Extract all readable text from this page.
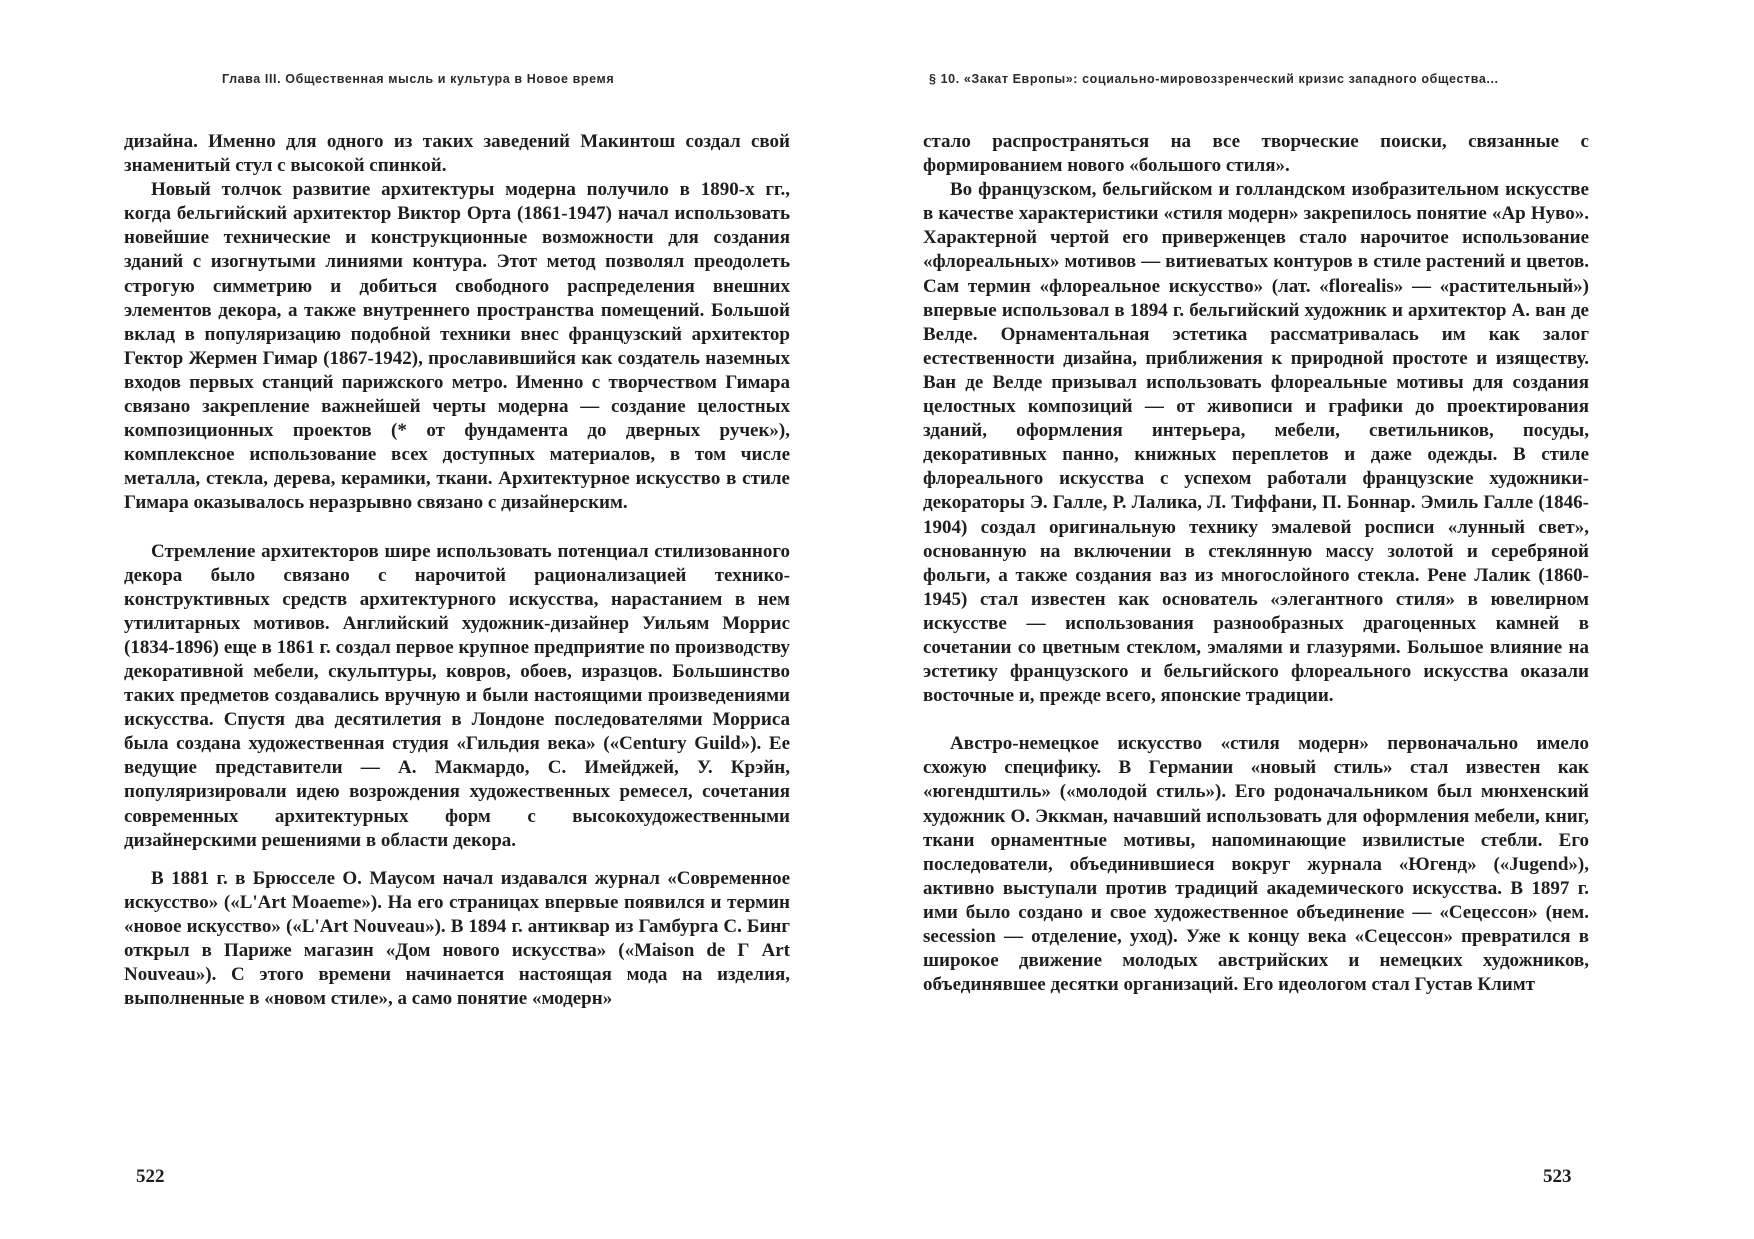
Глава III. Общественная мысль и культура в Новое время

дизайна. Именно для одного из таких заведений Макинтош создал свой знаменитый стул с высокой спинкой.

Новый толчок развитие архитектуры модерна получило в 1890-х гг., когда бельгийский архитектор Виктор Орта (1861-1947) начал использовать новейшие технические и конструкционные возможности для создания зданий с изогнутыми линиями контура. Этот метод позволял преодолеть строгую симметрию и добиться свободного распределения внешних элементов декора, а также внутреннего пространства помещений. Большой вклад в популяризацию подобной техники внес французский архитектор Гектор Жермен Гимар (1867-1942), прославившийся как создатель наземных входов первых станций парижского метро. Именно с творчеством Гимара связано закрепление важнейшей черты модерна — создание целостных композиционных проектов (* от фундамента до дверных ручек»), комплексное использование всех доступных материалов, в том числе металла, стекла, дерева, керамики, ткани. Архитектурное искусство в стиле Гимара оказывалось неразрывно связано с дизайнерским.

Стремление архитекторов шире использовать потенциал стилизованного декора было связано с нарочитой рационализацией технико-конструктивных средств архитектурного искусства, нарастанием в нем утилитарных мотивов. Английский художник-дизайнер Уильям Моррис (1834-1896) еще в 1861 г. создал первое крупное предприятие по производству декоративной мебели, скульптуры, ковров, обоев, изразцов. Большинство таких предметов создавались вручную и были настоящими произведениями искусства. Спустя два десятилетия в Лондоне последователями Морриса была создана художественная студия «Гильдия века» («Century Guild»). Ее ведущие представители — А. Макмардо, С. Имейджей, У. Крэйн, популяризировали идею возрождения художественных ремесел, сочетания современных архитектурных форм с высокохудожественными дизайнерскими решениями в области декора.

В 1881 г. в Брюсселе О. Маусом начал издавался журнал «Современное искусство» («L'Art Moaeme»). На его страницах впервые появился и термин «новое искусство» («L'Art Nouveau»). В 1894 г. антиквар из Гамбурга С. Бинг открыл в Париже магазин «Дом нового искусства» («Maison de Г Art Nouveau»). С этого времени начинается настоящая мода на изделия, выполненные в «новом стиле», а само понятие «модерн»

522
§ 10. «Закат Европы»: социально-мировоззренческий кризис западного общества...

стало распространяться на все творческие поиски, связанные с формированием нового «большого стиля».

Во французском, бельгийском и голландском изобразительном искусстве в качестве характеристики «стиля модерн» закрепилось понятие «Ар Нуво». Характерной чертой его приверженцев стало нарочитое использование «флореальных» мотивов — витиеватых контуров в стиле растений и цветов. Сам термин «флореальное искусство» (лат. «florealis» — «растительный») впервые использовал в 1894 г. бельгийский художник и архитектор А. ван де Велде. Орнаментальная эстетика рассматривалась им как залог естественности дизайна, приближения к природной простоте и изяществу. Ван де Велде призывал использовать флореальные мотивы для создания целостных композиций — от живописи и графики до проектирования зданий, оформления интерьера, мебели, светильников, посуды, декоративных панно, книжных переплетов и даже одежды. В стиле флореального искусства с успехом работали французские художники-декораторы Э. Галле, Р. Лалика, Л. Тиффани, П. Боннар. Эмиль Галле (1846-1904) создал оригинальную технику эмалевой росписи «лунный свет», основанную на включении в стеклянную массу золотой и серебряной фольги, а также создания ваз из многослойного стекла. Рене Лалик (1860-1945) стал известен как основатель «элегантного стиля» в ювелирном искусстве — использования разнообразных драгоценных камней в сочетании со цветным стеклом, эмалями и глазурями. Большое влияние на эстетику французского и бельгийского флореального искусства оказали восточные и, прежде всего, японские традиции.

Австро-немецкое искусство «стиля модерн» первоначально имело схожую специфику. В Германии «новый стиль» стал известен как «югендштиль» («молодой стиль»). Его родоначальником был мюнхенский художник О. Эккман, начавший использовать для оформления мебели, книг, ткани орнаментные мотивы, напоминающие извилистые стебли. Его последователи, объединившиеся вокруг журнала «Югенд» («Jugend»), активно выступали против традиций академического искусства. В 1897 г. ими было создано и свое художественное объединение — «Сецессон» (нем. secession — отделение, уход). Уже к концу века «Сецессон» превратился в широкое движение молодых австрийских и немецких художников, объединявшее десятки организаций. Его идеологом стал Густав Климт

523
